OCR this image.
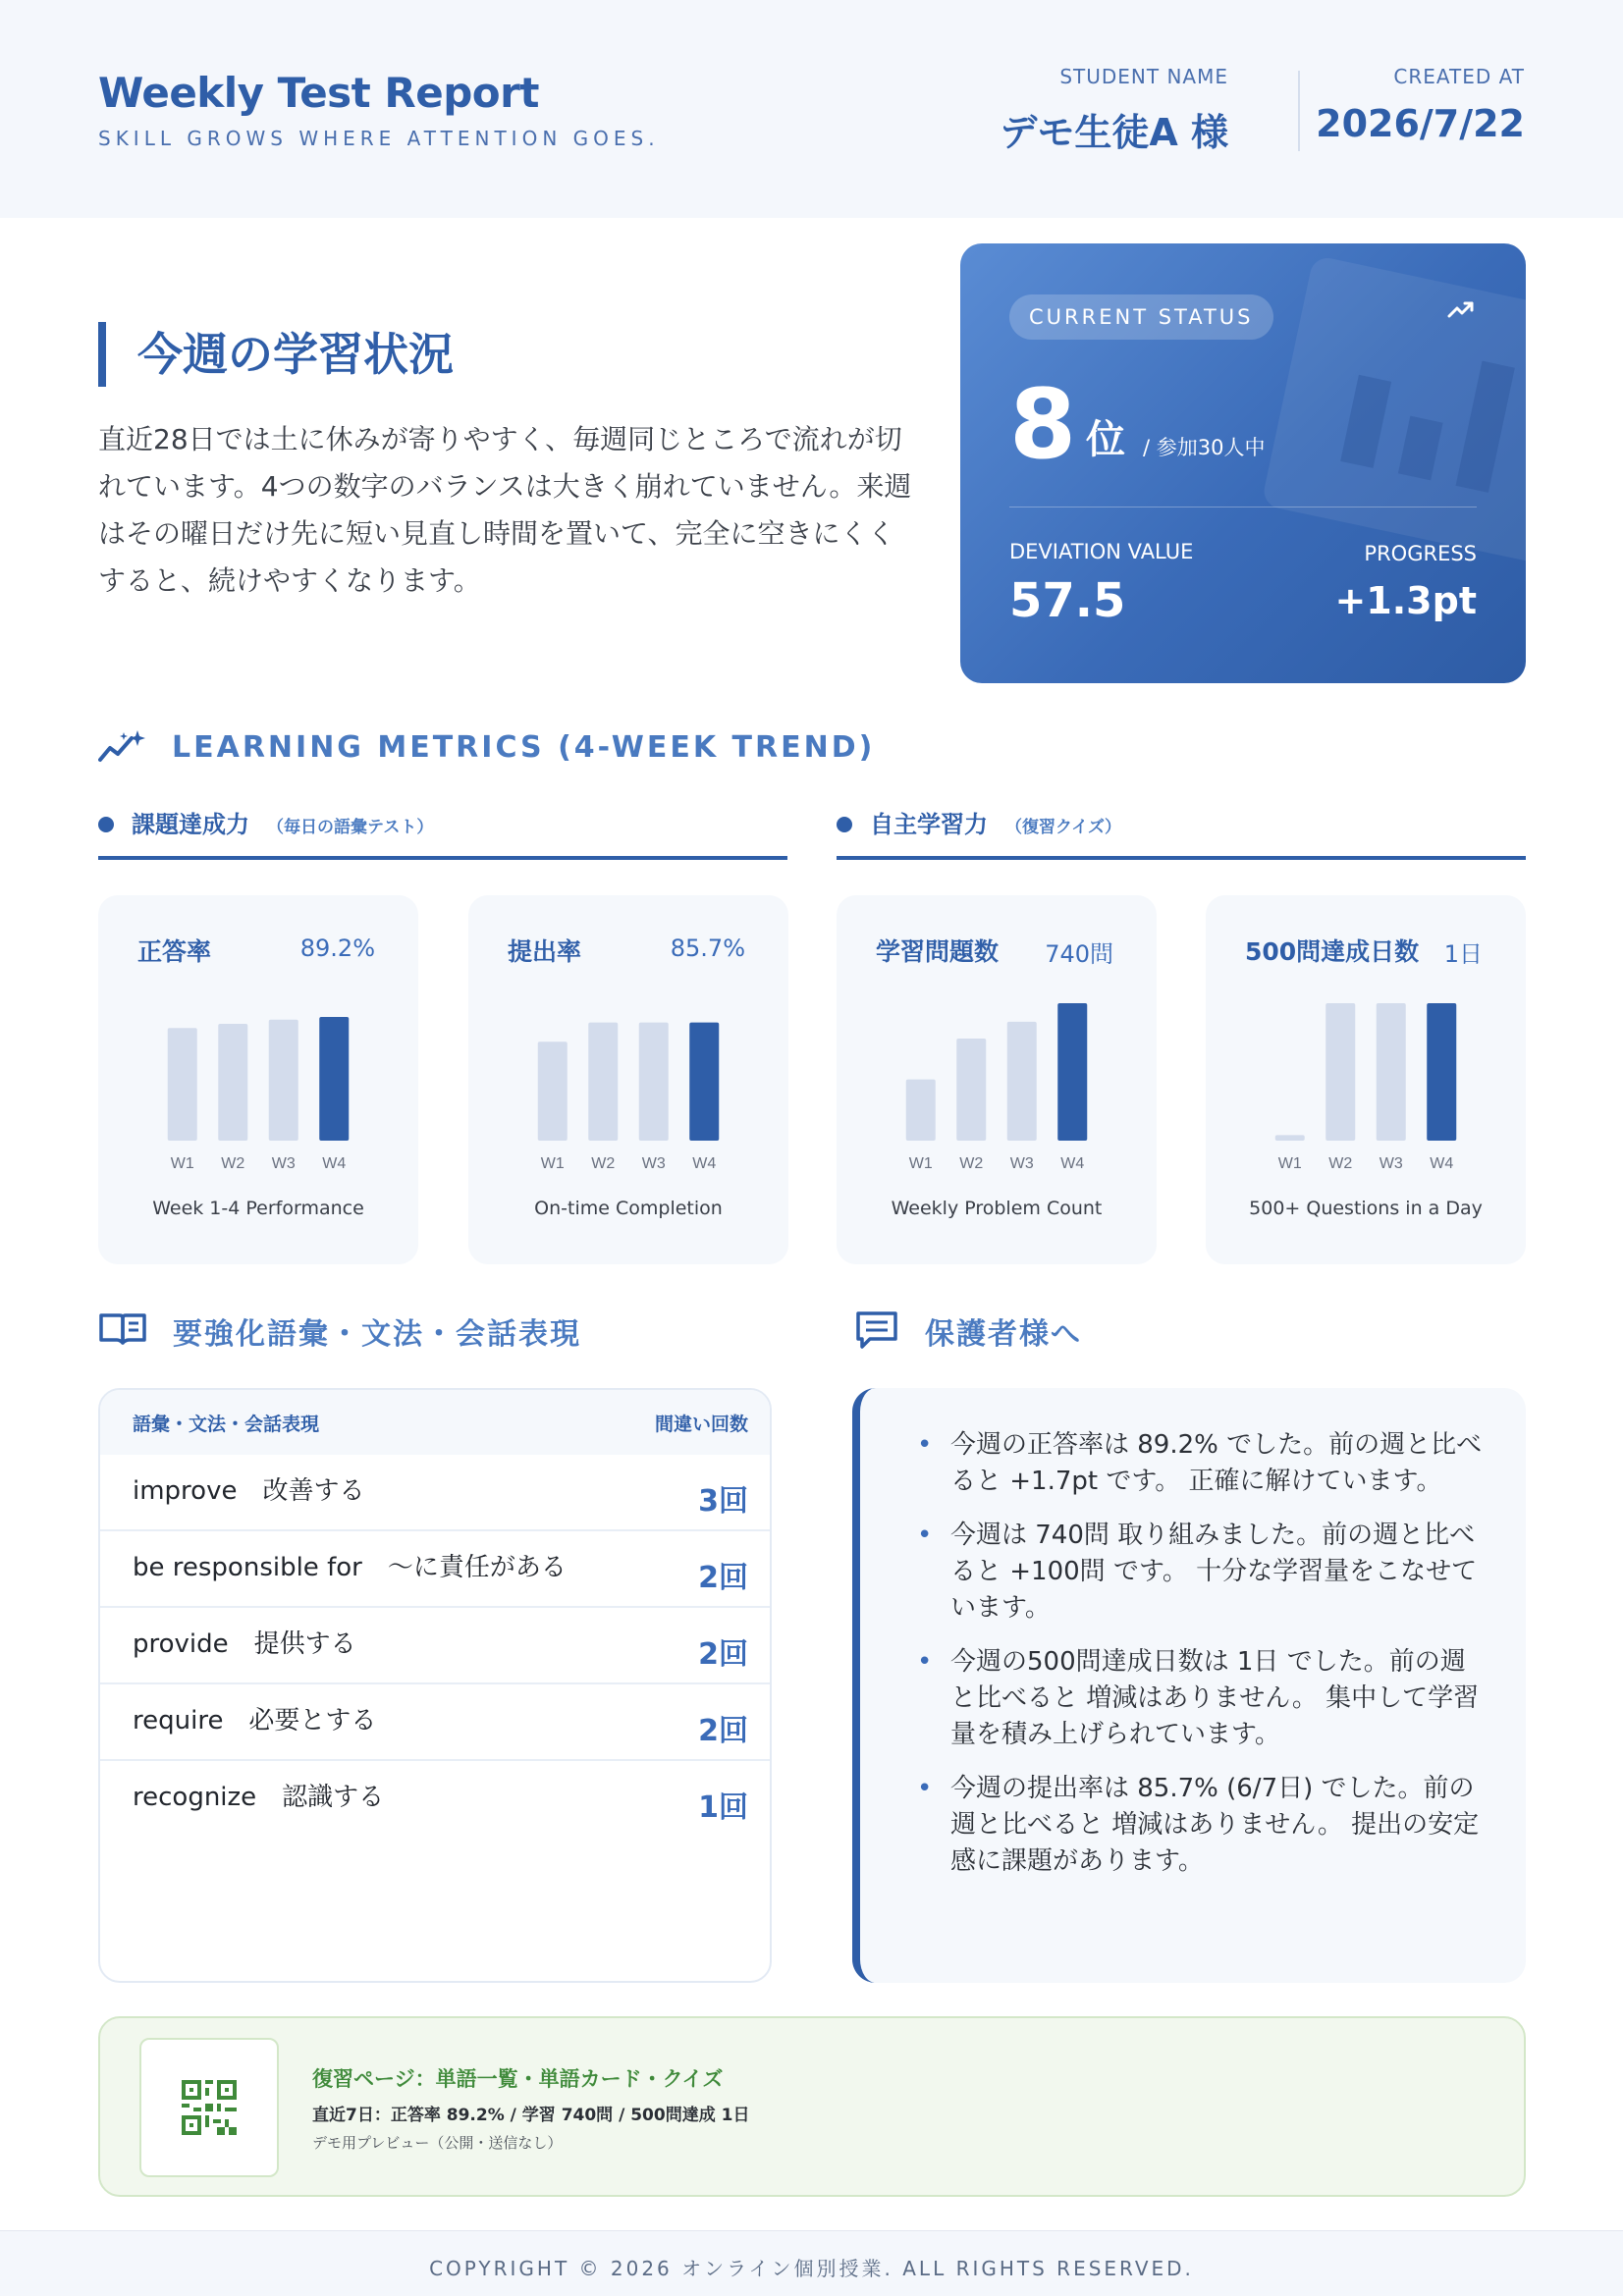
Weekly Test Report
SKILL GROWS WHERE ATTENTION GOES.
STUDENT NAME
デモ生徒A 様
CREATED AT
2026/7/22
今週の学習状況
直近28日では土に休みが寄りやすく、毎週同じところで流れが切れています。4つの数字のバランスは大きく崩れていません。来週はその曜日だけ先に短い見直し時間を置いて、完全に空きにくくすると、続けやすくなります。
CURRENT STATUS
8 位 / 参加30人中
DEVIATION VALUE
57.5
PROGRESS
+1.3pt
LEARNING METRICS (4-WEEK TREND)
課題達成力 （毎日の語彙テスト）	自主学習力 （復習クイズ）
正答率	89.2%
W1 W2 W3 W4
Week 1-4 Performance
提出率	85.7%
W1 W2 W3 W4
On-time Completion
学習問題数 740問
W1 W2 W3 W4
Weekly Problem Count
500問達成日数 1日
W1 W2 W3 W4
500+ Questions in a Day
要強化語彙・文法・会話表現
語彙・文法・会話表現	間違い回数
improve　改善する	3回
be responsible for　〜に責任がある	2回
provide　提供する	2回
require　必要とする	2回
recognize　認識する	1回
保護者様へ
• 今週の正答率は 89.2% でした。前の週と比べると +1.7pt です。 正確に解けています。
• 今週は 740問 取り組みました。前の週と比べると +100問 です。 十分な学習量をこなせています。
• 今週の500問達成日数は 1日 でした。前の週と比べると 増減はありません。 集中して学習量を積み上げられています。
• 今週の提出率は 85.7% (6/7日) でした。前の週と比べると 増減はありません。 提出の安定感に課題があります。
復習ページ：単語一覧・単語カード・クイズ
直近7日：正答率 89.2% / 学習 740問 / 500問達成 1日
デモ用プレビュー（公開・送信なし）
COPYRIGHT © 2026 オンライン個別授業. ALL RIGHTS RESERVED.
